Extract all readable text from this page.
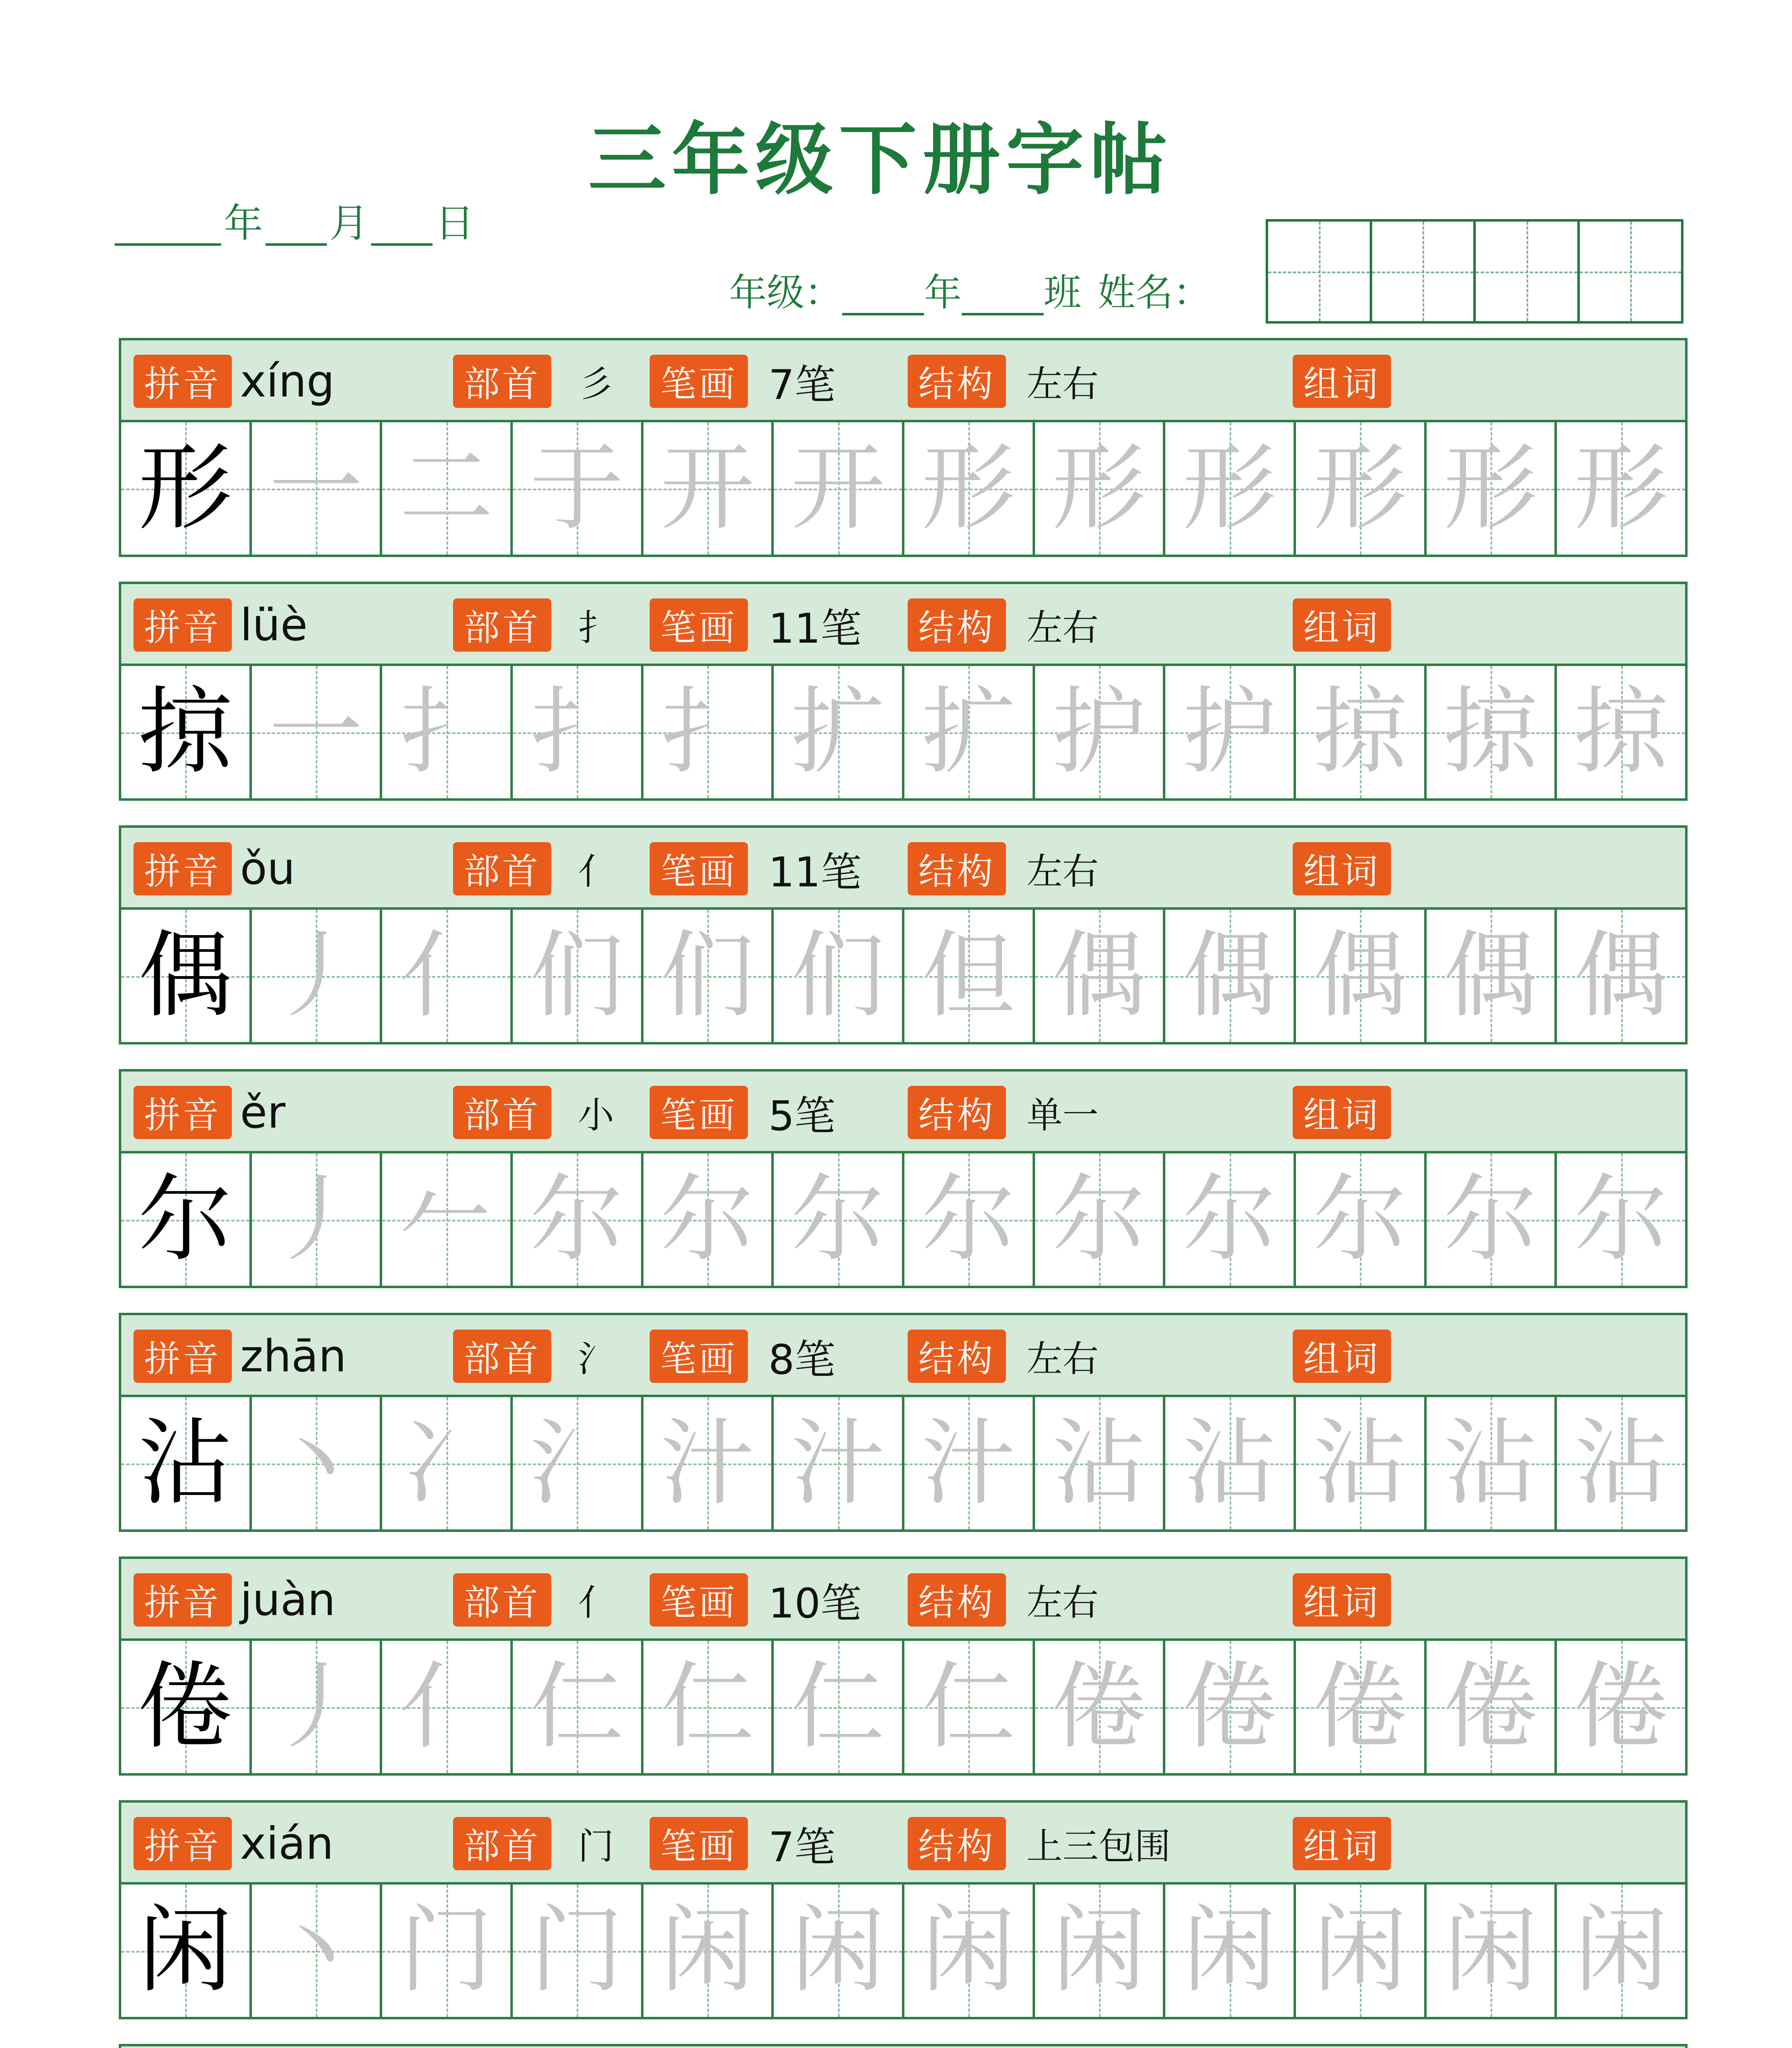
三年级下册字帖
年 月 日
年级： 年 班 姓名：
拼音 xíng	部首 彡 笔画 7笔 结构 左右	组词
形 一 二 于 开 开 形 形 形 形 形 形
拼音 lüè	部首 扌 笔画 11笔 结构 左右	组词
掠 一 扌 扌 扌 扩 扩 护 护 掠 掠 掠
拼音 ǒu	部首 亻 笔画 11笔 结构 左右	组词
偶 丿 亻 们 们 们 但 偶 偶 偶 偶 偶
拼音 ěr	部首 小 笔画 5笔 结构 单一	组词
尔 丿 𠂉 尔 尔 尔 尔 尔 尔 尔 尔 尔
拼音 zhān	部首 氵 笔画 8笔 结构 左右	组词
沾 丶 冫 氵 汁 汁 汁 沾 沾 沾 沾 沾
拼音 juàn	部首 亻 笔画 10笔 结构 左右	组词
倦 丿 亻 仁 仁 仁 仁 倦 倦 倦 倦 倦
拼音 xián	部首 门 笔画 7笔 结构 上三包围	组词
闲 丶 门 门 闲 闲 闲 闲 闲 闲 闲 闲
